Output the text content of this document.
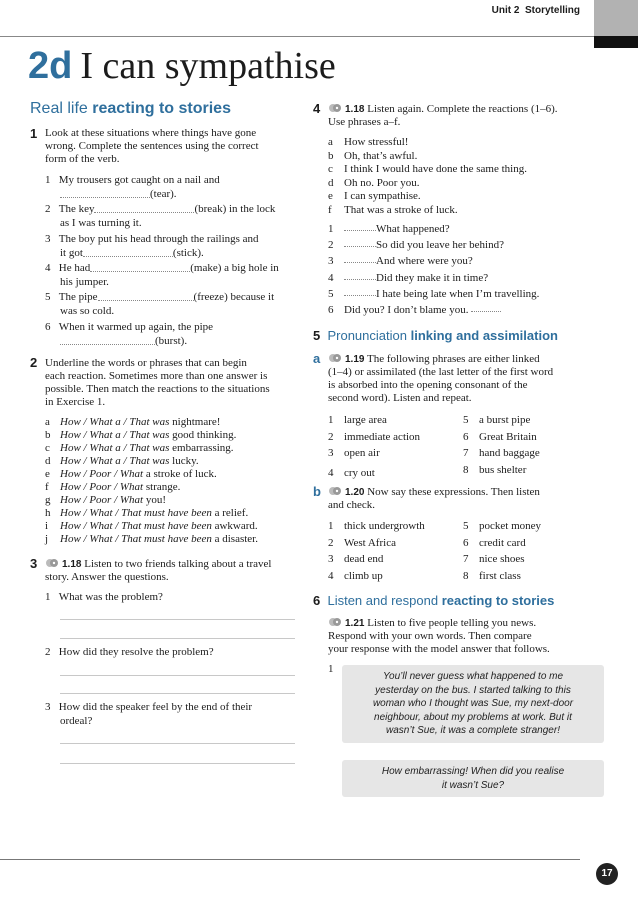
Unit 2 Storytelling
2d I can sympathise
Real life reacting to stories
1 Look at these situations where things have gone
wrong. Complete the sentences using the correct
form of the verb.
1 My trousers got caught on a nail and
(tear).
2 The key	(break) in the lock
as I was turning it.
3 The boy put his head through the railings and
it got	(stick).
4 He had	(make) a big hole in
his jumper.
5 The pipe	(freeze) because it
was so cold.
6 When it warmed up again, the pipe
(burst).
2 Underline the words or phrases that can begin
each reaction. Sometimes more than one answer is
possible. Then match the reactions to the situations
in Exercise 1.
a How / What a / That was nightmare!
b How / What a / That was good thinking.
c How / What a / That was embarrassing.
d How / What a / That was lucky.
e How / Poor / What a stroke of luck.
f How / Poor / What strange.
g How / Poor / What you!
h How / What / That must have been a relief.
i How / What / That must have been awkward.
j How / What / That must have been a disaster.
3	1.18 Listen to two friends talking about a travel
story. Answer the questions.
1 What was the problem?
2 How did they resolve the problem?
3 How did the speaker feel by the end of their
ordeal?
4	1.18 Listen again. Complete the reactions (1–6).
Use phrases a–f.
a How stressful!
b Oh, that’s awful.
c I think I would have done the same thing.
d Oh no. Poor you.
e I can sympathise.
f That was a stroke of luck.
1	What happened?
2	So did you leave her behind?
3	And where were you?
4	Did they make it in time?
5	I hate being late when I’m travelling.
6 Did you? I don’t blame you.
5 Pronunciation linking and assimilation
a	1.19 The following phrases are either linked
(1–4) or assimilated (the last letter of the first word
is absorbed into the opening consonant of the
second word). Listen and repeat.
1 large area
2 immediate action
3 open air
4 cry out
5 a burst pipe
6 Great Britain
7 hand baggage
8 bus shelter
b	1.20 Now say these expressions. Then listen
and check.
1 thick undergrowth
2 West Africa
3 dead end
4 climb up
5 pocket money
6 credit card
7 nice shoes
8 first class
6 Listen and respond reacting to stories
1.21 Listen to five people telling you news.
Respond with your own words. Then compare
your response with the model answer that follows.
1
You’ll never guess what happened to me
yesterday on the bus. I started talking to this
woman who I thought was Sue, my next-door
neighbour, about my problems at work. But it
wasn’t Sue, it was a complete stranger!
How embarrassing! When did you realise
it wasn’t Sue?
17
